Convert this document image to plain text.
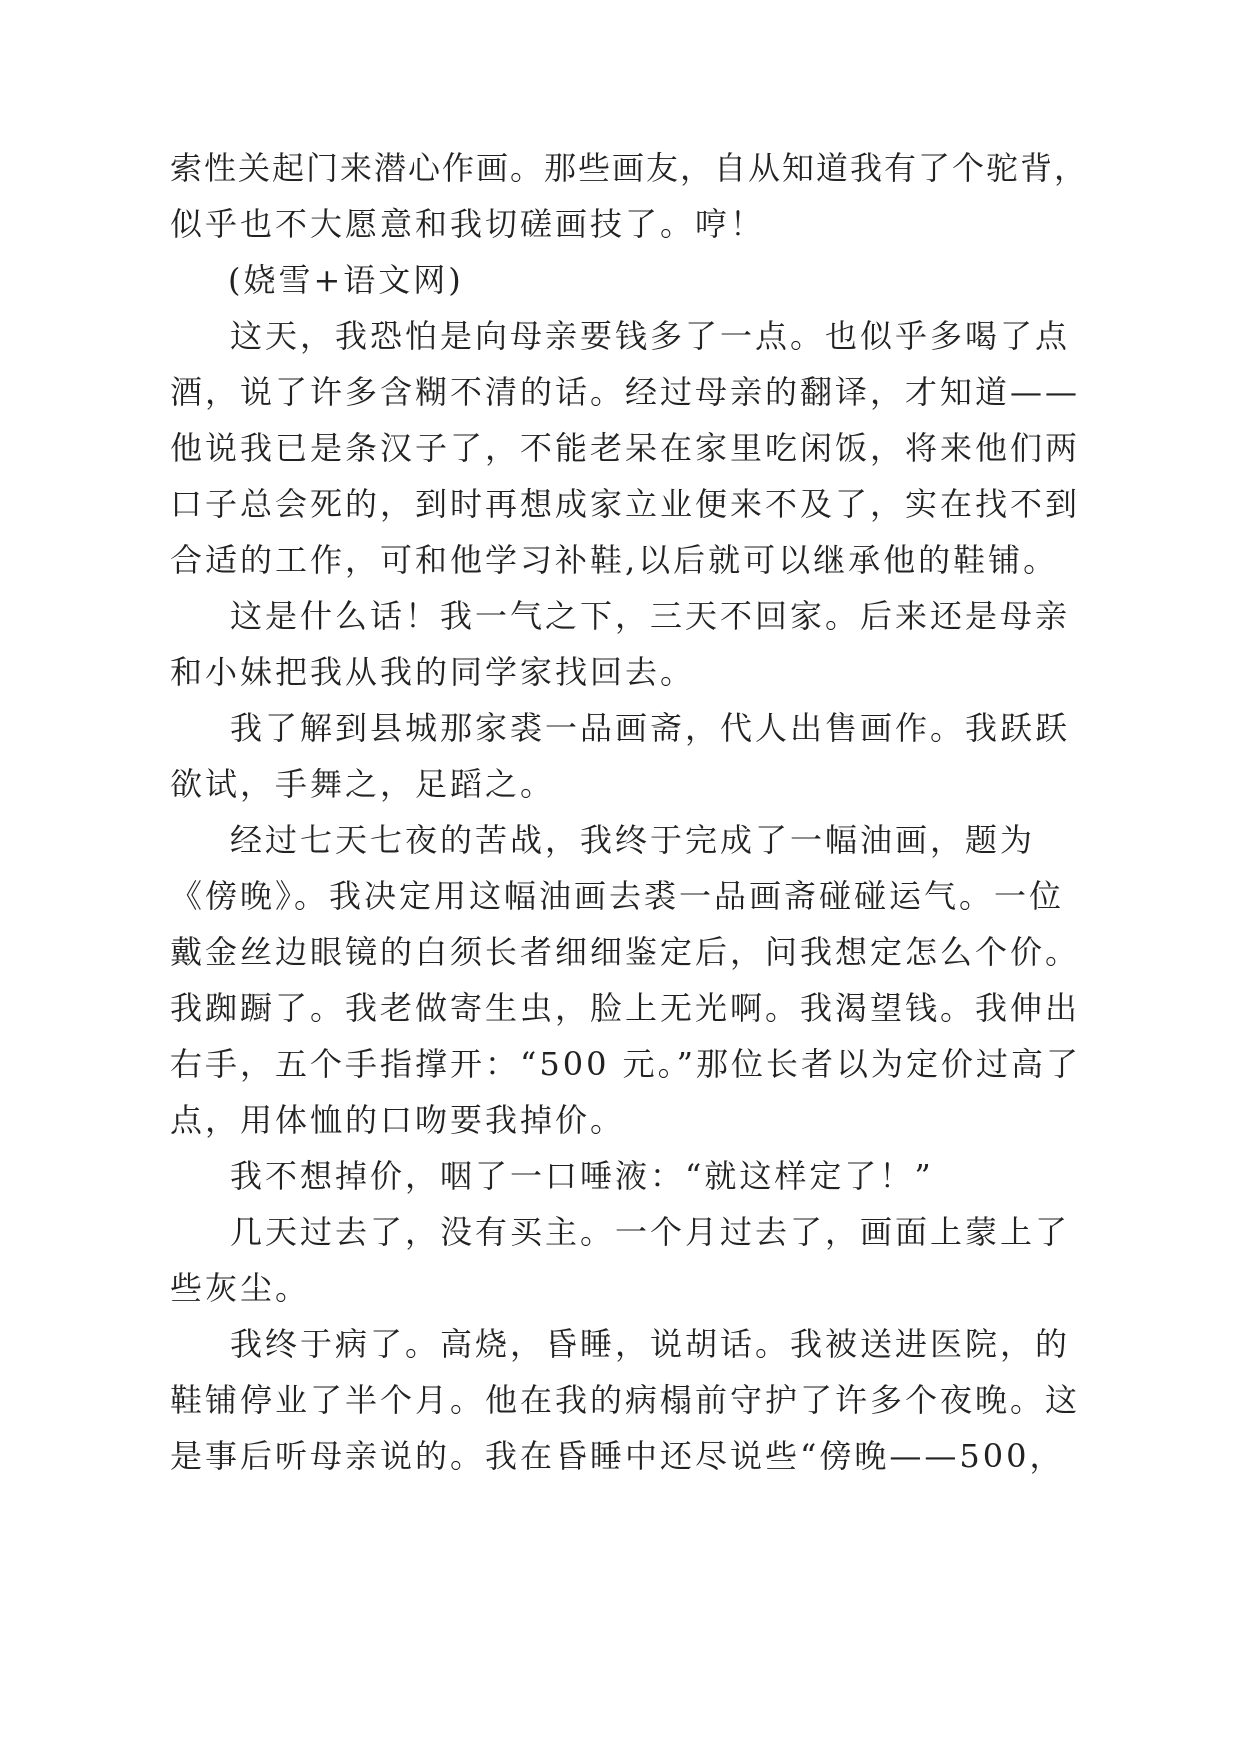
索性关起门来潜心作画。那些画友，自从知道我有了个驼背，
似乎也不大愿意和我切磋画技了。哼！
(娆雪+语文网)
这天，我恐怕是向母亲要钱多了一点。也似乎多喝了点
酒，说了许多含糊不清的话。经过母亲的翻译，才知道——
他说我已是条汉子了，不能老呆在家里吃闲饭，将来他们两
口子总会死的，到时再想成家立业便来不及了，实在找不到
合适的工作，可和他学习补鞋,以后就可以继承他的鞋铺。
这是什么话！我一气之下，三天不回家。后来还是母亲
和小妹把我从我的同学家找回去。
我了解到县城那家裘一品画斋，代人出售画作。我跃跃
欲试，手舞之，足蹈之。
经过七天七夜的苦战，我终于完成了一幅油画，题为
《傍晚》。我决定用这幅油画去裘一品画斋碰碰运气。一位
戴金丝边眼镜的白须长者细细鉴定后，问我想定怎么个价。
我踟蹰了。我老做寄生虫，脸上无光啊。我渴望钱。我伸出
右手，五个手指撑开：“500 元。”那位长者以为定价过高了
点，用体恤的口吻要我掉价。
我不想掉价，咽了一口唾液：“就这样定了！”
几天过去了，没有买主。一个月过去了，画面上蒙上了
些灰尘。
我终于病了。高烧，昏睡，说胡话。我被送进医院，的
鞋铺停业了半个月。他在我的病榻前守护了许多个夜晚。这
是事后听母亲说的。我在昏睡中还尽说些“傍晚——500，
